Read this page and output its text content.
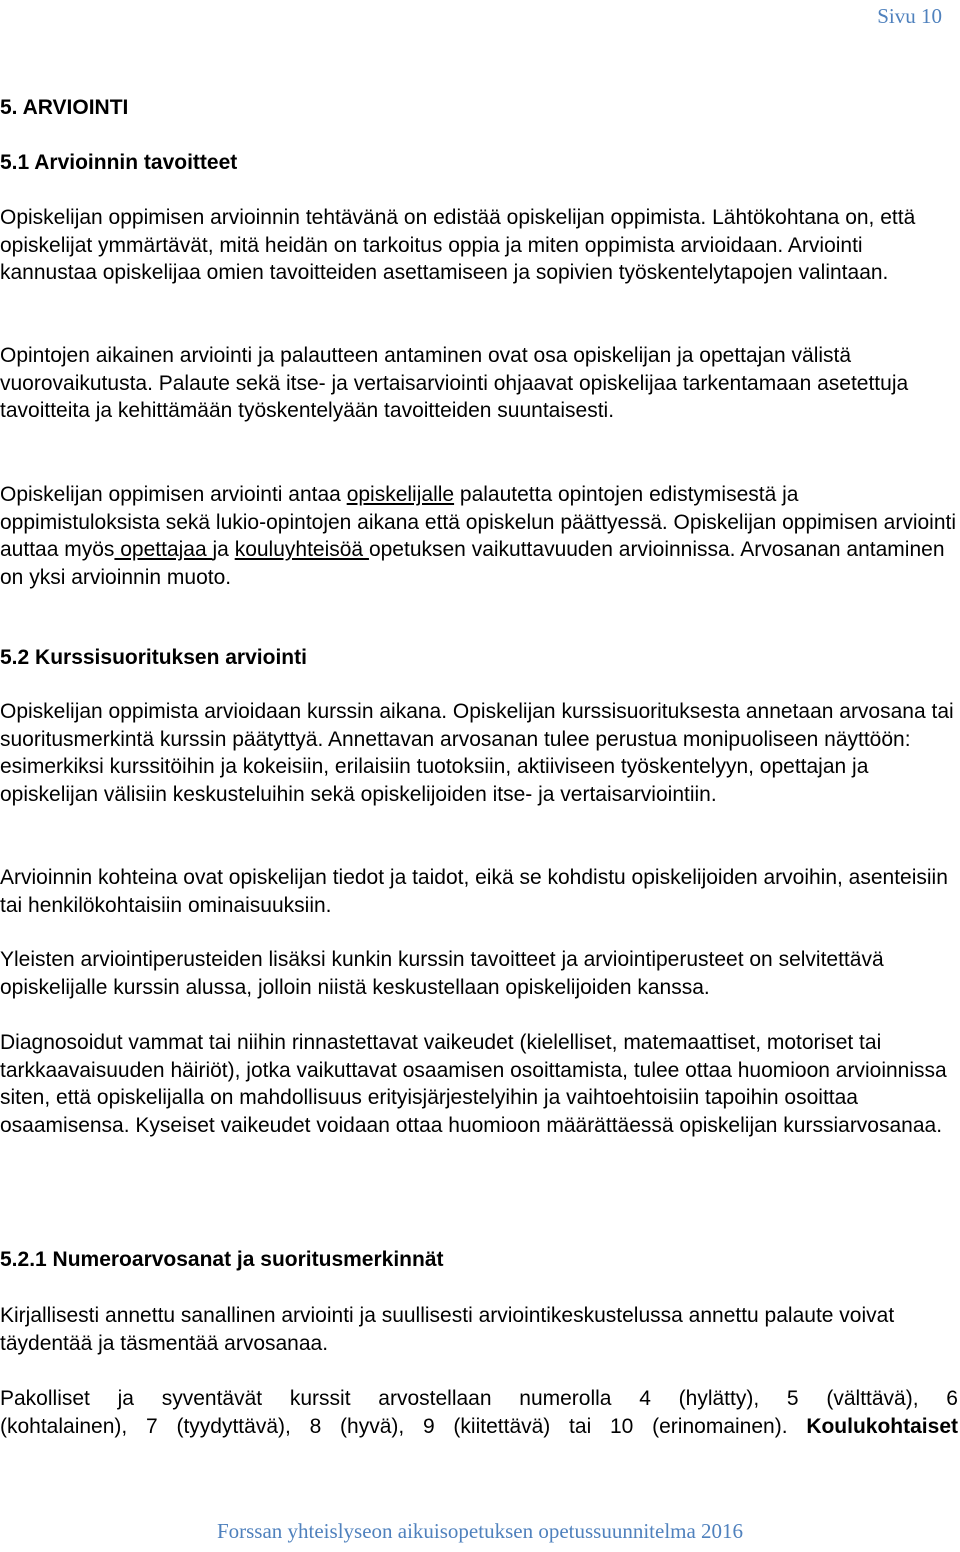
Sivu 10
5. ARVIOINTI
5.1 Arvioinnin tavoitteet

Opiskelijan oppimisen arvioinnin tehtävänä on edistää opiskelijan oppimista. Lähtökohtana on, että opiskelijat ymmärtävät, mitä heidän on tarkoitus oppia ja miten oppimista arvioidaan. Arviointi kannustaa opiskelijaa omien tavoitteiden asettamiseen ja sopivien työskentelytapojen valintaan.

Opintojen aikainen arviointi ja palautteen antaminen ovat osa opiskelijan ja opettajan välistä vuorovaikutusta. Palaute sekä itse- ja vertaisarviointi ohjaavat opiskelijaa tarkentamaan asetettuja tavoitteita ja kehittämään työskentelyään tavoitteiden suuntaisesti.

Opiskelijan oppimisen arviointi antaa opiskelijalle palautetta opintojen edistymisestä ja oppimistuloksista sekä lukio-opintojen aikana että opiskelun päättyessä. Opiskelijan oppimisen arviointi auttaa myös opettajaa ja kouluyhteisöä opetuksen vaikuttavuuden arvioinnissa. Arvosanan antaminen on yksi arvioinnin muoto.

5.2 Kurssisuorituksen arviointi

Opiskelijan oppimista arvioidaan kurssin aikana. Opiskelijan kurssisuorituksesta annetaan arvosana tai suoritusmerkintä kurssin päätyttyä. Annettavan arvosanan tulee perustua monipuoliseen näyttöön: esimerkiksi kurssitöihin ja kokeisiin, erilaisiin tuotoksiin, aktiiviseen työskentelyyn, opettajan ja opiskelijan välisiin keskusteluihin sekä opiskelijoiden itse- ja vertaisarviointiin.

Arvioinnin kohteina ovat opiskelijan tiedot ja taidot, eikä se kohdistu opiskelijoiden arvoihin, asenteisiin tai henkilökohtaisiin ominaisuuksiin.

Yleisten arviointiperusteiden lisäksi kunkin kurssin tavoitteet ja arviointiperusteet on selvitettävä opiskelijalle kurssin alussa, jolloin niistä keskustellaan opiskelijoiden kanssa.

Diagnosoidut vammat tai niihin rinnastettavat vaikeudet (kielelliset, matemaattiset, motoriset tai tarkkaavaisuuden häiriöt), jotka vaikuttavat osaamisen osoittamista, tulee ottaa huomioon arvioinnissa siten, että opiskelijalla on mahdollisuus erityisjärjestelyihin ja vaihtoehtoisiin tapoihin osoittaa osaamisensa. Kyseiset vaikeudet voidaan ottaa huomioon määrättäessä opiskelijan kurssiarvosanaa.

5.2.1 Numeroarvosanat ja suoritusmerkinnät

Kirjallisesti annettu sanallinen arviointi ja suullisesti arviointikeskustelussa annettu palaute voivat täydentää ja täsmentää arvosanaa.

Pakolliset ja syventävät kurssit arvostellaan numerolla 4 (hylätty), 5 (välttävä), 6

(kohtalainen), 7 (tyydyttävä), 8 (hyvä), 9 (kiitettävä) tai 10 (erinomainen). Koulukohtaiset

Forssan yhteislyseon aikuisopetuksen opetussuunnitelma 2016
